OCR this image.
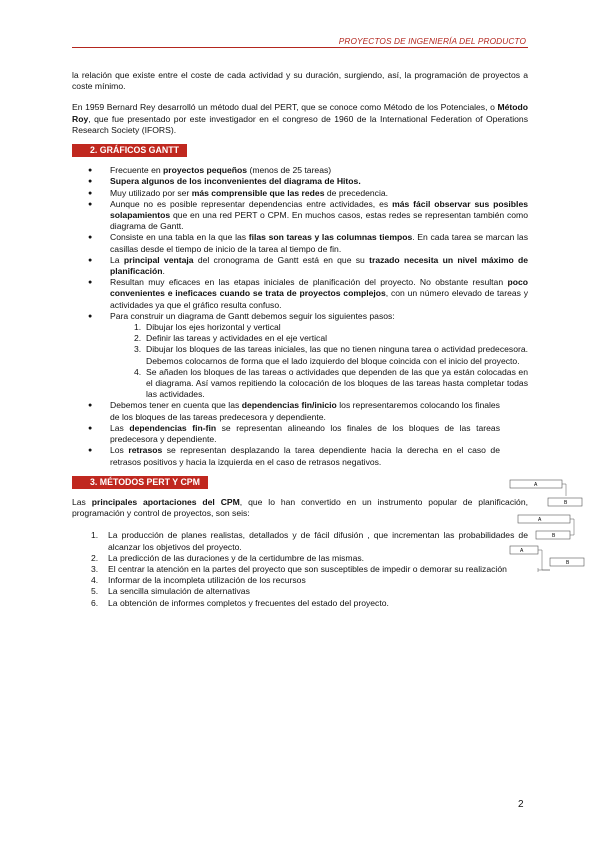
PROYECTOS DE INGENIERÍA DEL PRODUCTO

la relación que existe entre el coste de cada actividad y su duración, surgiendo, así, la programación de proyectos a coste mínimo.

En 1959 Bernard Rey desarrolló un método dual del PERT, que se conoce como Método de los Potenciales, o Método Roy, que fue presentado por este investigador en el congreso de 1960 de la International Federation of Operations Research Society (IFORS).

2. GRÁFICOS GANTT
● Frecuente en proyectos pequeños (menos de 25 tareas)
● Supera algunos de los inconvenientes del diagrama de Hitos.
● Muy utilizado por ser más comprensible que las redes de precedencia.
● Aunque no es posible representar dependencias entre actividades, es más fácil observar sus posibles solapamientos que en una red PERT o CPM. En muchos casos, estas redes se representan también como diagrama de Gantt.
● Consiste en una tabla en la que las filas son tareas y las columnas tiempos. En cada tarea se marcan las casillas desde el tiempo de inicio de la tarea al tiempo de fin.
● La principal ventaja del cronograma de Gantt está en que su trazado necesita un nivel máximo de planificación.
● Resultan muy eficaces en las etapas iniciales de planificación del proyecto. No obstante resultan poco convenientes e ineficaces cuando se trata de proyectos complejos, con un número elevado de tareas y actividades ya que el gráfico resulta confuso.
● Para construir un diagrama de Gantt debemos seguir los siguientes pasos:
1. Dibujar los ejes horizontal y vertical
2. Definir las tareas y actividades en el eje vertical
3. Dibujar los bloques de las tareas iniciales, las que no tienen ninguna tarea o actividad predecesora. Debemos colocarnos de forma que el lado izquierdo del bloque coincida con el inicio del proyecto.
4. Se añaden los bloques de las tareas o actividades que dependen de las que ya están colocadas en el diagrama. Así vamos repitiendo la colocación de los bloques de las tareas hasta completar todas las actividades.
● Debemos tener en cuenta que las dependencias fin/inicio los representaremos colocando los finales de los bloques de las tareas predecesora y dependiente.
● Las dependencias fin-fin se representan alineando los finales de los bloques de las tareas predecesora y dependiente.
● Los retrasos se representan desplazando la tarea dependiente hacia la derecha en el caso de retrasos positivos y hacia la izquierda en el caso de retrasos negativos.
3. MÉTODOS PERT Y CPM

Las principales aportaciones del CPM, que lo han convertido en un instrumento popular de planificación, programación y control de proyectos, son seis:

1. La producción de planes realistas, detallados y de fácil difusión , que incrementan las probabilidades de alcanzar los objetivos del proyecto.
2. La predicción de las duraciones y de la certidumbre de las mismas.
3. El centrar la atención en la partes del proyecto que son susceptibles de impedir o demorar su realización
4. Informar de la incompleta utilización de los recursos
5. La sencilla simulación de alternativas
6. La obtención de informes completos y frecuentes del estado del proyecto.
A
B
A
B
A
B
2
